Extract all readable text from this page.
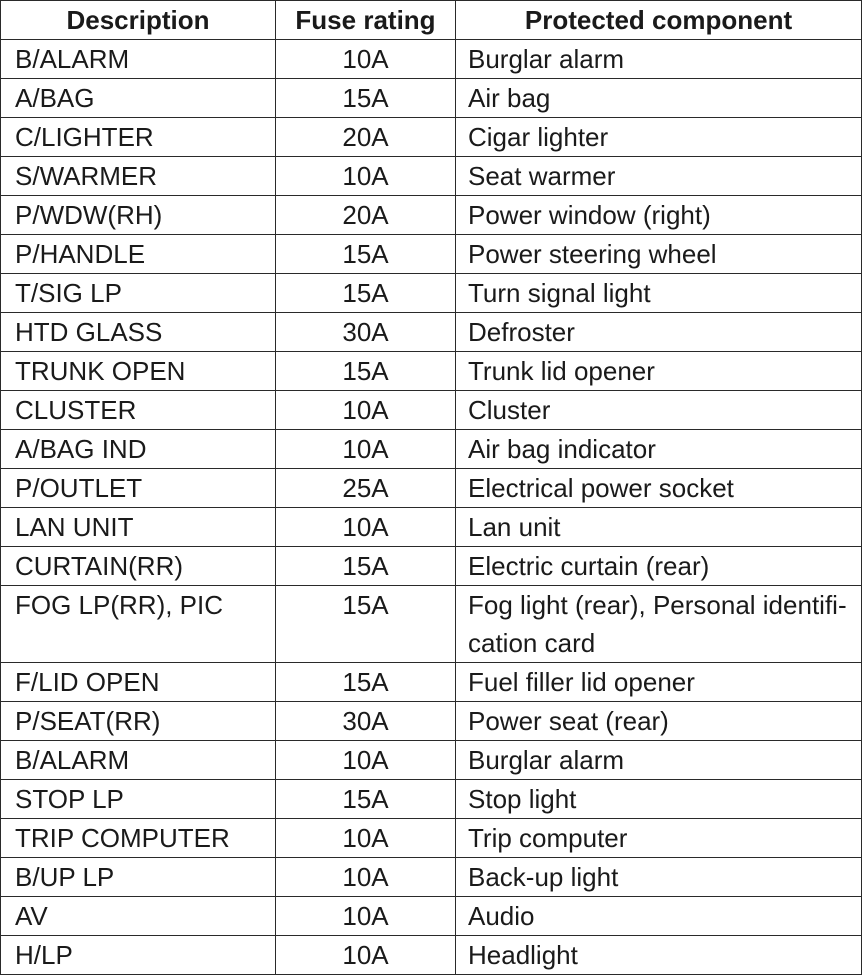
Description	Fuse rating	Protected component
B/ALARM	10A	Burglar alarm

A/BAG	15A	Air bag

C/LIGHTER	20A	Cigar lighter

S/WARMER	10A	Seat warmer

P/WDW(RH)	20A	Power window (right)

P/HANDLE	15A	Power steering wheel

T/SIG LP	15A	Turn signal light

HTD GLASS	30A	Defroster

TRUNK OPEN	15A	Trunk lid opener

CLUSTER	10A	Cluster

A/BAG IND	10A	Air bag indicator

P/OUTLET	25A	Electrical power socket

LAN UNIT	10A	Lan unit

CURTAIN(RR)	15A	Electric curtain (rear)

FOG LP(RR), PIC	15A	Fog light (rear), Personal identifi-
cation card

F/LID OPEN	15A	Fuel filler lid opener

P/SEAT(RR)	30A	Power seat (rear)

B/ALARM	10A	Burglar alarm

STOP LP	15A	Stop light

TRIP COMPUTER	10A	Trip computer

B/UP LP	10A	Back-up light

AV	10A	Audio

H/LP	10A	Headlight
